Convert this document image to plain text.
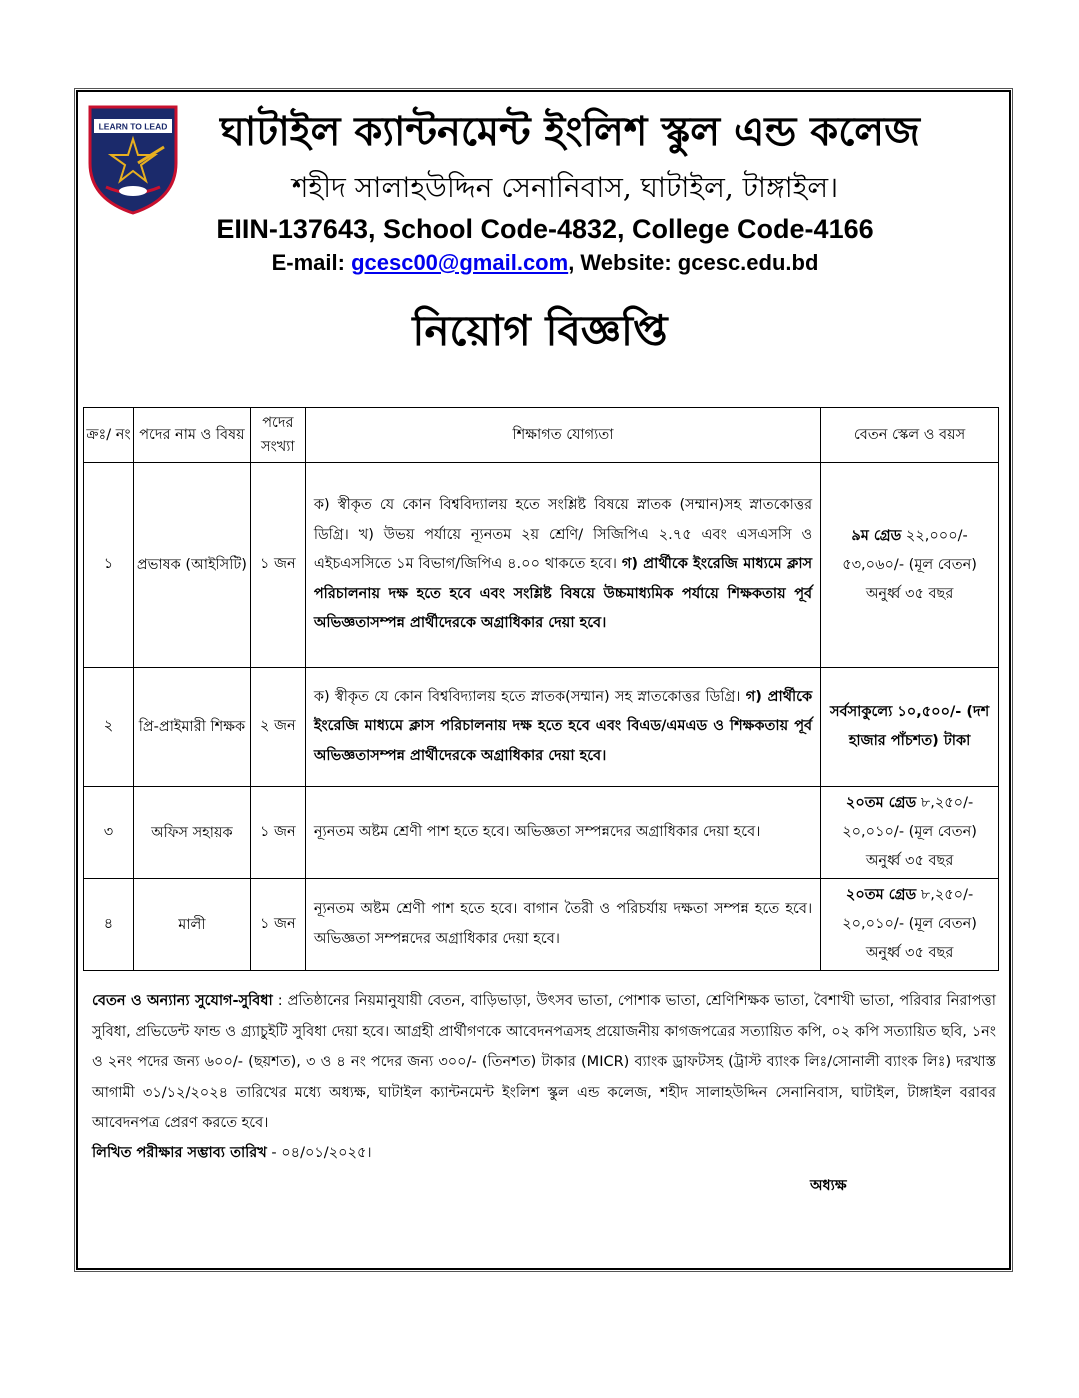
LEARN TO LEAD	ঘাটাইল ক্যান্টনমেন্ট ইংলিশ স্কুল এন্ড কলেজ
শহীদ সালাহউদ্দিন সেনানিবাস, ঘাটাইল, টাঙ্গাইল।
EIIN-137643, School Code-4832, College Code-4166
E-mail: gcesc00@gmail.com, Website: gcesc.edu.bd
নিয়োগ বিজ্ঞপ্তি
ক্রঃ/ নং	পদের নাম ও বিষয়	পদের সংখ্যা	শিক্ষাগত যোগ্যতা	বেতন স্কেল ও বয়স
১	প্রভাষক (আইসিটি)	১ জন	ক) স্বীকৃত যে কোন বিশ্ববিদ্যালয় হতে সংশ্লিষ্ট বিষয়ে স্নাতক (সম্মান)সহ স্নাতকোত্তর ডিগ্রি। খ) উভয় পর্যায়ে ন্যূনতম ২য় শ্রেণি/ সিজিপিএ ২.৭৫ এবং এসএসসি ও এইচএসসিতে ১ম বিভাগ/জিপিএ ৪.০০ থাকতে হবে। গ) প্রার্থীকে ইংরেজি মাধ্যমে ক্লাস পরিচালনায় দক্ষ হতে হবে এবং সংশ্লিষ্ট বিষয়ে উচ্চমাধ্যমিক পর্যায়ে শিক্ষকতায় পূর্ব অভিজ্ঞতাসম্পন্ন প্রার্থীদেরকে অগ্রাধিকার দেয়া হবে।	৯ম গ্রেড ২২,০০০/- ৫৩,০৬০/- (মূল বেতন) অনুর্ধ্ব ৩৫ বছর
২	প্রি-প্রাইমারী শিক্ষক	২ জন	ক) স্বীকৃত যে কোন বিশ্ববিদ্যালয় হতে স্নাতক(সম্মান) সহ স্নাতকোত্তর ডিগ্রি। গ) প্রার্থীকে ইংরেজি মাধ্যমে ক্লাস পরিচালনায় দক্ষ হতে হবে এবং বিএড/এমএড ও শিক্ষকতায় পূর্ব অভিজ্ঞতাসম্পন্ন প্রার্থীদেরকে অগ্রাধিকার দেয়া হবে।	সর্বসাকুল্যে ১০,৫০০/- (দশ হাজার পাঁচশত) টাকা
৩	অফিস সহায়ক	১ জন	ন্যূনতম অষ্টম শ্রেণী পাশ হতে হবে। অভিজ্ঞতা সম্পন্নদের অগ্রাধিকার দেয়া হবে।	২০তম গ্রেড ৮,২৫০/- ২০,০১০/- (মূল বেতন) অনুর্ধ্ব ৩৫ বছর
৪	মালী	১ জন	ন্যূনতম অষ্টম শ্রেণী পাশ হতে হবে। বাগান তৈরী ও পরিচর্যায় দক্ষতা সম্পন্ন হতে হবে। অভিজ্ঞতা সম্পন্নদের অগ্রাধিকার দেয়া হবে।	২০তম গ্রেড ৮,২৫০/- ২০,০১০/- (মূল বেতন) অনুর্ধ্ব ৩৫ বছর
বেতন ও অন্যান্য সুযোগ-সুবিধা : প্রতিষ্ঠানের নিয়মানুযায়ী বেতন, বাড়িভাড়া, উৎসব ভাতা, পোশাক ভাতা, শ্রেণিশিক্ষক ভাতা, বৈশাখী ভাতা, পরিবার নিরাপত্তা সুবিধা, প্রভিডেন্ট ফান্ড ও গ্র্যাচুইটি সুবিধা দেয়া হবে। আগ্রহী প্রার্থীগণকে আবেদনপত্রসহ প্রয়োজনীয় কাগজপত্রের সত্যায়িত কপি, ০২ কপি সত্যায়িত ছবি, ১নং ও ২নং পদের জন্য ৬০০/- (ছয়শত), ৩ ও ৪ নং পদের জন্য ৩০০/- (তিনশত) টাকার (MICR) ব্যাংক ড্রাফটসহ (ট্রাস্ট ব্যাংক লিঃ/সোনালী ব্যাংক লিঃ) দরখাস্ত আগামী ৩১/১২/২০২৪ তারিখের মধ্যে অধ্যক্ষ, ঘাটাইল ক্যান্টনমেন্ট ইংলিশ স্কুল এন্ড কলেজ, শহীদ সালাহউদ্দিন সেনানিবাস, ঘাটাইল, টাঙ্গাইল বরাবর আবেদনপত্র প্রেরণ করতে হবে।
লিখিত পরীক্ষার সম্ভাব্য তারিখ - ০৪/০১/২০২৫।
অধ্যক্ষ
